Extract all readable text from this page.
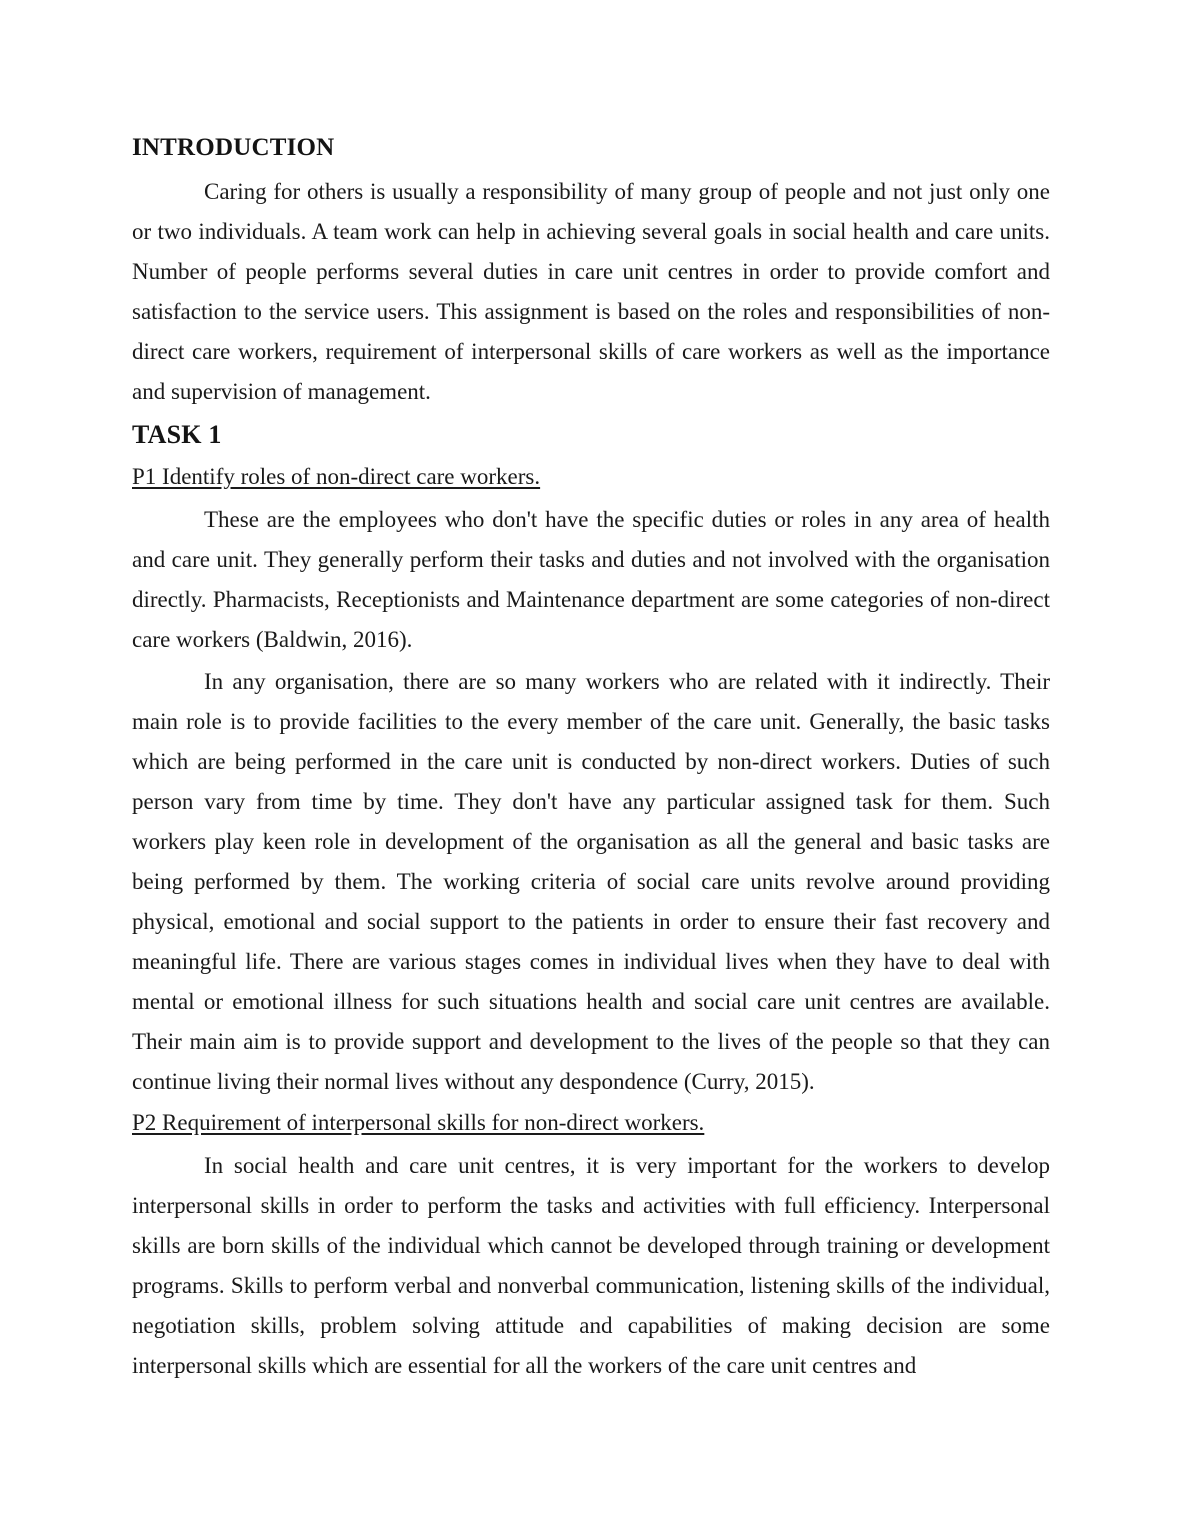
INTRODUCTION

Caring for others is usually a responsibility of many group of people and not just only one or two individuals. A team work can help in achieving several goals in social health and care units. Number of people performs several duties in care unit centres in order to provide comfort and satisfaction to the service users. This assignment is based on the roles and responsibilities of non-direct care workers, requirement of interpersonal skills of care workers as well as the importance and supervision of management.

TASK 1

P1 Identify roles of non-direct care workers.

These are the employees who don't have the specific duties or roles in any area of health and care unit. They generally perform their tasks and duties and not involved with the organisation directly. Pharmacists, Receptionists and Maintenance department are some categories of non-direct care workers (Baldwin, 2016).

In any organisation, there are so many workers who are related with it indirectly. Their main role is to provide facilities to the every member of the care unit. Generally, the basic tasks which are being performed in the care unit is conducted by non-direct workers. Duties of such person vary from time by time. They don't have any particular assigned task for them. Such workers play keen role in development of the organisation as all the general and basic tasks are being performed by them. The working criteria of social care units revolve around providing physical, emotional and social support to the patients in order to ensure their fast recovery and meaningful life. There are various stages comes in individual lives when they have to deal with mental or emotional illness for such situations health and social care unit centres are available. Their main aim is to provide support and development to the lives of the people so that they can continue living their normal lives without any despondence (Curry, 2015).

P2 Requirement of interpersonal skills for non-direct workers.

In social health and care unit centres, it is very important for the workers to develop interpersonal skills in order to perform the tasks and activities with full efficiency. Interpersonal skills are born skills of the individual which cannot be developed through training or development programs. Skills to perform verbal and nonverbal communication, listening skills of the individual, negotiation skills, problem solving attitude and capabilities of making decision are some interpersonal skills which are essential for all the workers of the care unit centres and
